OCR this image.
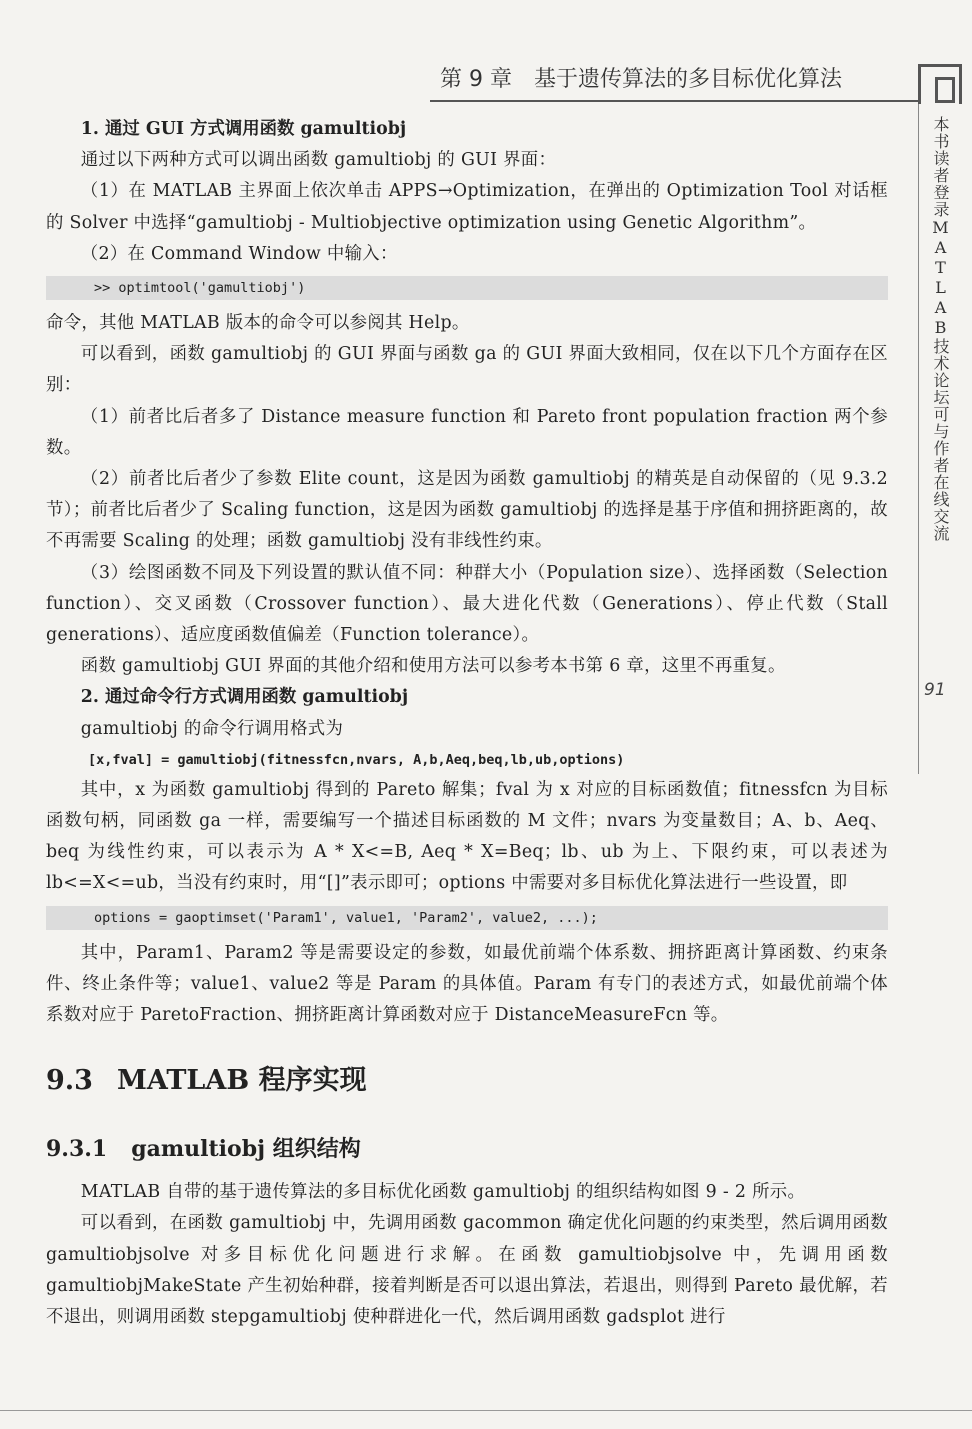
第 9 章 基于遗传算法的多目标优化算法
本书读者登录MATLAB技术论坛可与作者在线交流
91

1. 通过 GUI 方式调用函数 gamultiobj

通过以下两种方式可以调出函数 gamultiobj 的 GUI 界面：

（1）在 MATLAB 主界面上依次单击 APPS→Optimization，在弹出的 Optimization Tool 对话框的 Solver 中选择“gamultiobj - Multiobjective optimization using Genetic Algorithm”。

（2）在 Command Window 中输入：

>> optimtool('gamultiobj')

命令，其他 MATLAB 版本的命令可以参阅其 Help。

可以看到，函数 gamultiobj 的 GUI 界面与函数 ga 的 GUI 界面大致相同，仅在以下几个方面存在区别：

（1）前者比后者多了 Distance measure function 和 Pareto front population fraction 两个参数。

（2）前者比后者少了参数 Elite count，这是因为函数 gamultiobj 的精英是自动保留的（见 9.3.2 节）；前者比后者少了 Scaling function，这是因为函数 gamultiobj 的选择是基于序值和拥挤距离的，故不再需要 Scaling 的处理；函数 gamultiobj 没有非线性约束。

（3）绘图函数不同及下列设置的默认值不同：种群大小（Population size）、选择函数（Selection function）、交叉函数（Crossover function）、最大进化代数（Generations）、停止代数（Stall generations）、适应度函数值偏差（Function tolerance）。

函数 gamultiobj GUI 界面的其他介绍和使用方法可以参考本书第 6 章，这里不再重复。

2. 通过命令行方式调用函数 gamultiobj

gamultiobj 的命令行调用格式为

[x,fval] = gamultiobj(fitnessfcn,nvars, A,b,Aeq,beq,lb,ub,options)

其中，x 为函数 gamultiobj 得到的 Pareto 解集；fval 为 x 对应的目标函数值；fitnessfcn 为目标函数句柄，同函数 ga 一样，需要编写一个描述目标函数的 M 文件；nvars 为变量数目；A、b、Aeq、beq 为线性约束，可以表示为 A * X<=B, Aeq * X=Beq；lb、ub 为上、下限约束，可以表述为 lb<=X<=ub，当没有约束时，用“[]”表示即可；options 中需要对多目标优化算法进行一些设置，即

options = gaoptimset('Param1', value1, 'Param2', value2, ...);

其中，Param1、Param2 等是需要设定的参数，如最优前端个体系数、拥挤距离计算函数、约束条件、终止条件等；value1、value2 等是 Param 的具体值。Param 有专门的表述方式，如最优前端个体系数对应于 ParetoFraction、拥挤距离计算函数对应于 DistanceMeasureFcn 等。

9.3 MATLAB 程序实现
9.3.1 gamultiobj 组织结构

MATLAB 自带的基于遗传算法的多目标优化函数 gamultiobj 的组织结构如图 9 - 2 所示。

可以看到，在函数 gamultiobj 中，先调用函数 gacommon 确定优化问题的约束类型，然后调用函数 gamultiobjsolve 对多目标优化问题进行求解。在函数 gamultiobjsolve 中，先调用函数 gamultiobjMakeState 产生初始种群，接着判断是否可以退出算法，若退出，则得到 Pareto 最优解，若不退出，则调用函数 stepgamultiobj 使种群进化一代，然后调用函数 gadsplot 进行
